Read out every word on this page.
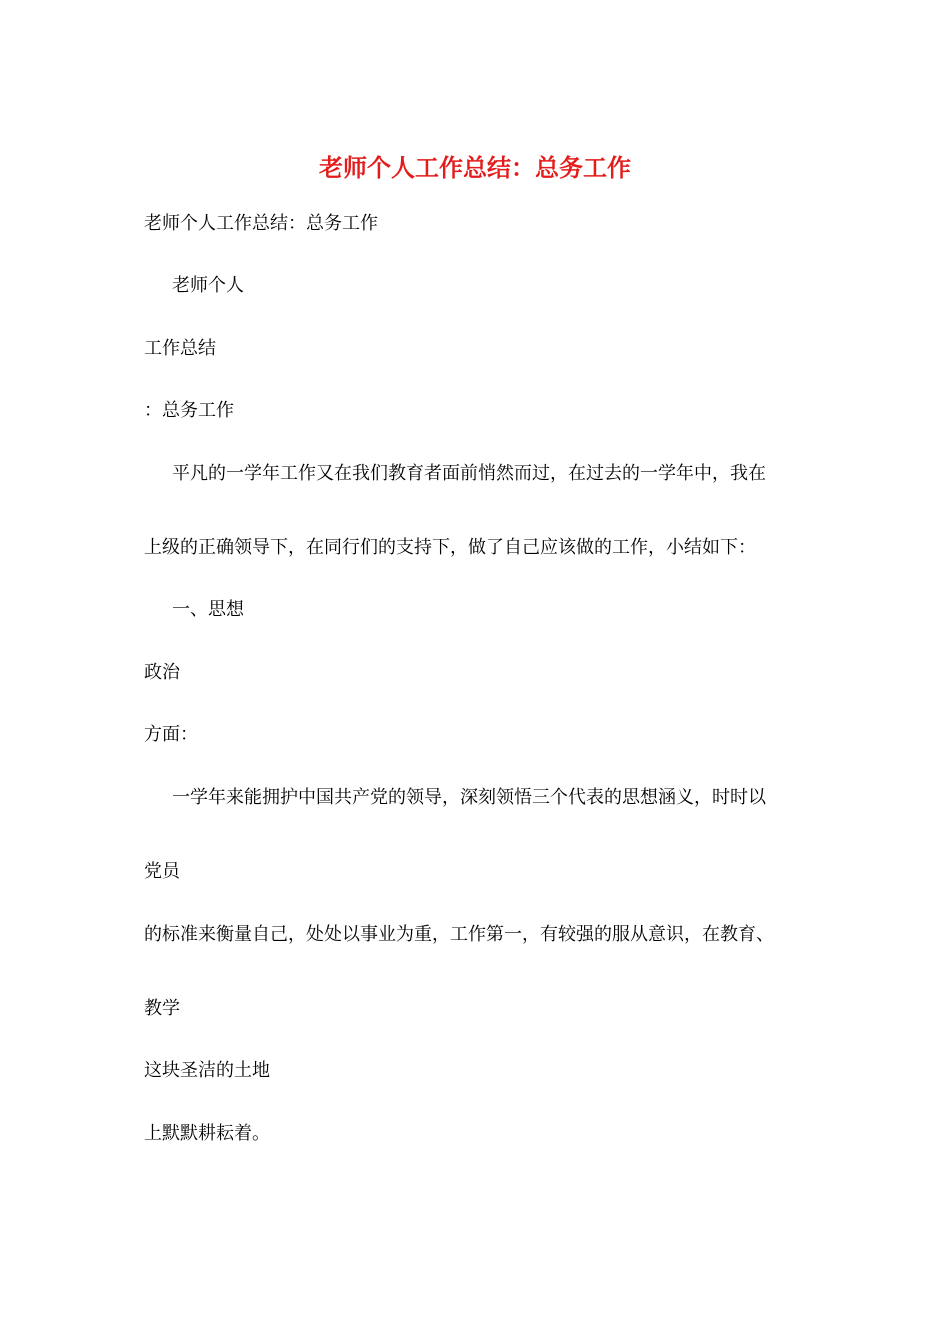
老师个人工作总结：总务工作
老师个人工作总结：总务工作
老师个人
工作总结
：总务工作
平凡的一学年工作又在我们教育者面前悄然而过，在过去的一学年中，我在
上级的正确领导下，在同行们的支持下，做了自己应该做的工作，小结如下：
一、思想
政治
方面：
一学年来能拥护中国共产党的领导，深刻领悟三个代表的思想涵义，时时以
党员
的标准来衡量自己，处处以事业为重，工作第一，有较强的服从意识，在教育、
教学
这块圣洁的土地
上默默耕耘着。
